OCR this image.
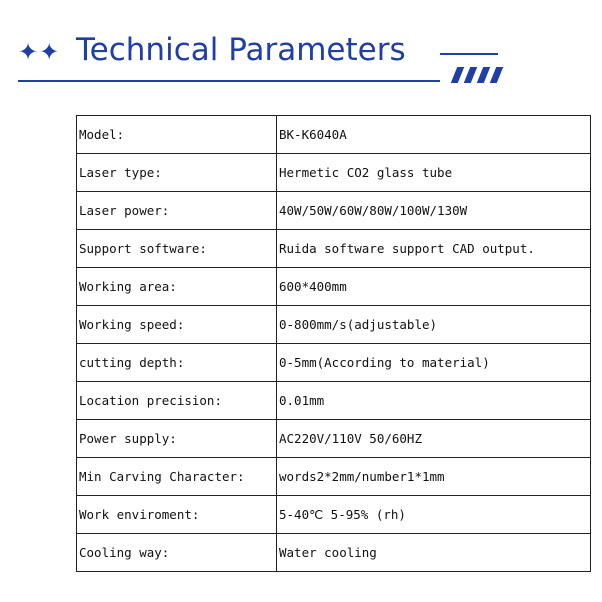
✦✦ Technical Parameters
Model:	BK-K6040A
Laser type:	Hermetic CO2 glass tube
Laser power:	40W/50W/60W/80W/100W/130W
Support software:	Ruida software support CAD output.
Working area:	600*400mm
Working speed:	0-800mm/s(adjustable)
cutting depth:	0-5mm(According to material)
Location precision:	0.01mm
Power supply:	AC220V/110V 50/60HZ
Min Carving Character:	words2*2mm/number1*1mm
Work enviroment:	5-40℃ 5-95% (rh)
Cooling way:	Water cooling
